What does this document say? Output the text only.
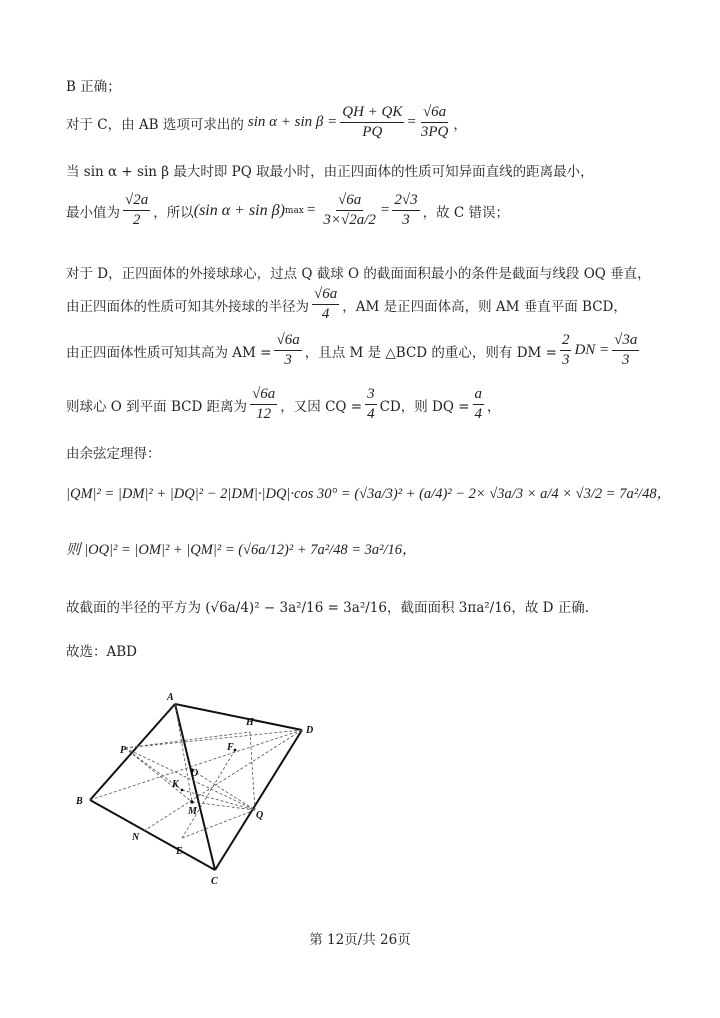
B 正确；
对于 C，由 AB 选项可求出的 $\sin \alpha + \sin \beta = \frac{QH + QK}{PQ} = \frac{√6a}{3PQ}$ ，
当 sin α + sin β 最大时即 PQ 取最小时，由正四面体的性质可知异面直线的距离最小，
最小值为 $\frac{√2a}{2}$ ，所以 (sin α + sin β) $\max = \frac{√6a}{3\times√2a/2} = \frac{2√3}{3}$ ，故 C 错误；
对于 D，正四面体的外接球球心，过点 Q 截球 O 的截面面积最小的条件是截面与线段 OQ 垂直，
由正四面体的性质可知其外接球的半径为 $\frac{√6a}{4}$ ，AM 是正四面体高，则 AM 垂直平面 BCD，
由正四面体性质可知其高为 AM = $\frac{√6a}{3}$ ，且点 M 是 △BCD 的重心，则有 DM = $\frac{2}{3}$ DN = $\frac{√3a}{3}$
则球心 O 到平面 BCD 距离为 $\frac{√6a}{12}$ ，又因 CQ = $\frac{3}{4}$ CD，则 DQ = $\frac{a}{4}$ ，
由余弦定理得：
|QM|² = |DM|² + |DQ|² − 2|DM|·|DQ|·cos 30° = (√3a/3)² + (a/4)² − 2× √3a/3 × a/4 × √3/2 = 7a²/48，
则 |OQ|² = |OM|² + |QM|² = (√6a/12)² + 7a²/48 = 3a²/16，
故截面的半径的平方为 (√6a/4)² − 3a²/16 = 3a²/16，截面面积 3πa²/16，故 D 正确.
故选：ABD
A
B
C
D
H
F
P
O
K
M	Q
N
E
第 12页/共 26页
